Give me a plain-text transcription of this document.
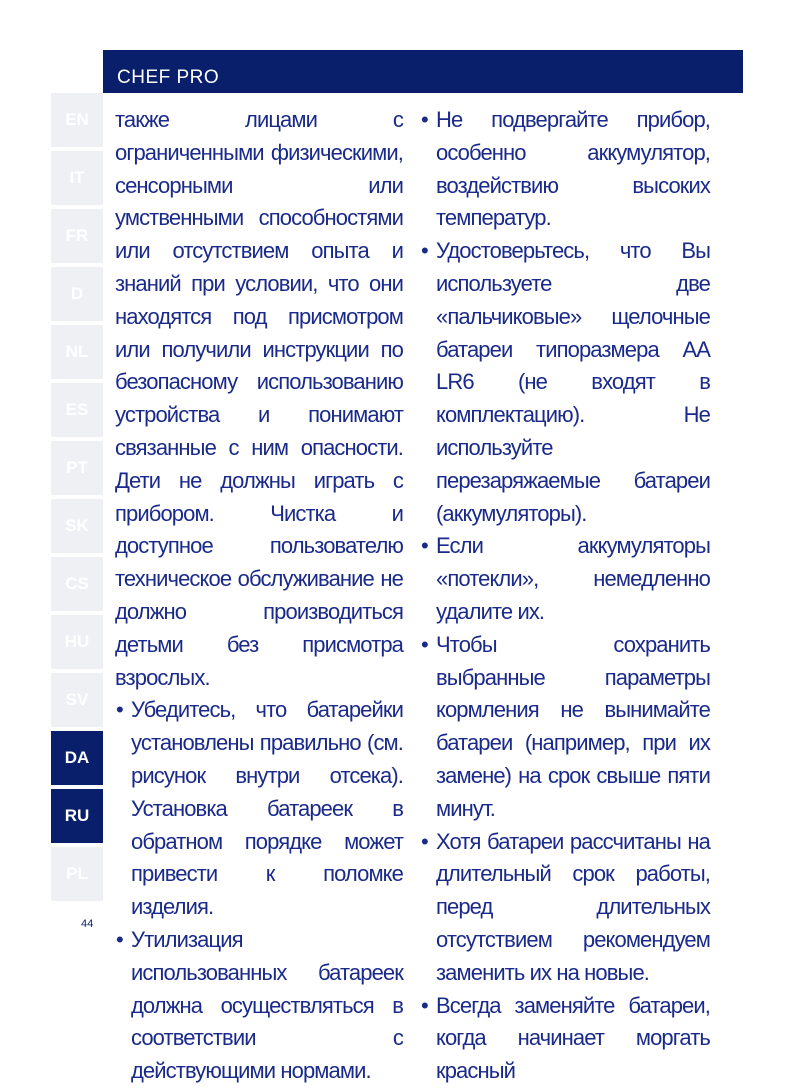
CHEF PRO
EN
IT
FR
D
NL
ES
PT
SK
CS
HU
SV
DA
RU
PL
44

также лицами с ограниченными физическими, сенсорными или умственными способностями или отсутствием опыта и знаний при условии, что они находятся под присмотром или получили инструкции по безопасному использованию устройства и понимают связанные с ним опасности. Дети не должны играть с прибором. Чистка и доступное пользователю техническое обслуживание не должно производиться детьми без присмотра взрослых.

• Убедитесь, что батарейки установлены правильно (см. рисунок внутри отсека). Установка батареек в обратном порядке может привести к поломке изделия.
• Утилизация использованных батареек должна осуществляться в соответствии с действующими нормами.
• Не подвергайте прибор, особенно аккумулятор, воздействию высоких температур.
• Удостоверьтесь, что Вы используете две «пальчиковые» щелочные батареи типоразмера AA LR6 (не входят в комплектацию). Не используйте перезаряжаемые батареи (аккумуляторы).
• Если аккумуляторы «потекли», немедленно удалите их.
• Чтобы сохранить выбранные параметры кормления не вынимайте батареи (например, при их замене) на срок свыше пяти минут.
• Хотя батареи рассчитаны на длительный срок работы, перед длительных отсутствием рекомендуем заменить их на новые.
• Всегда заменяйте батареи, когда начинает моргать красный
